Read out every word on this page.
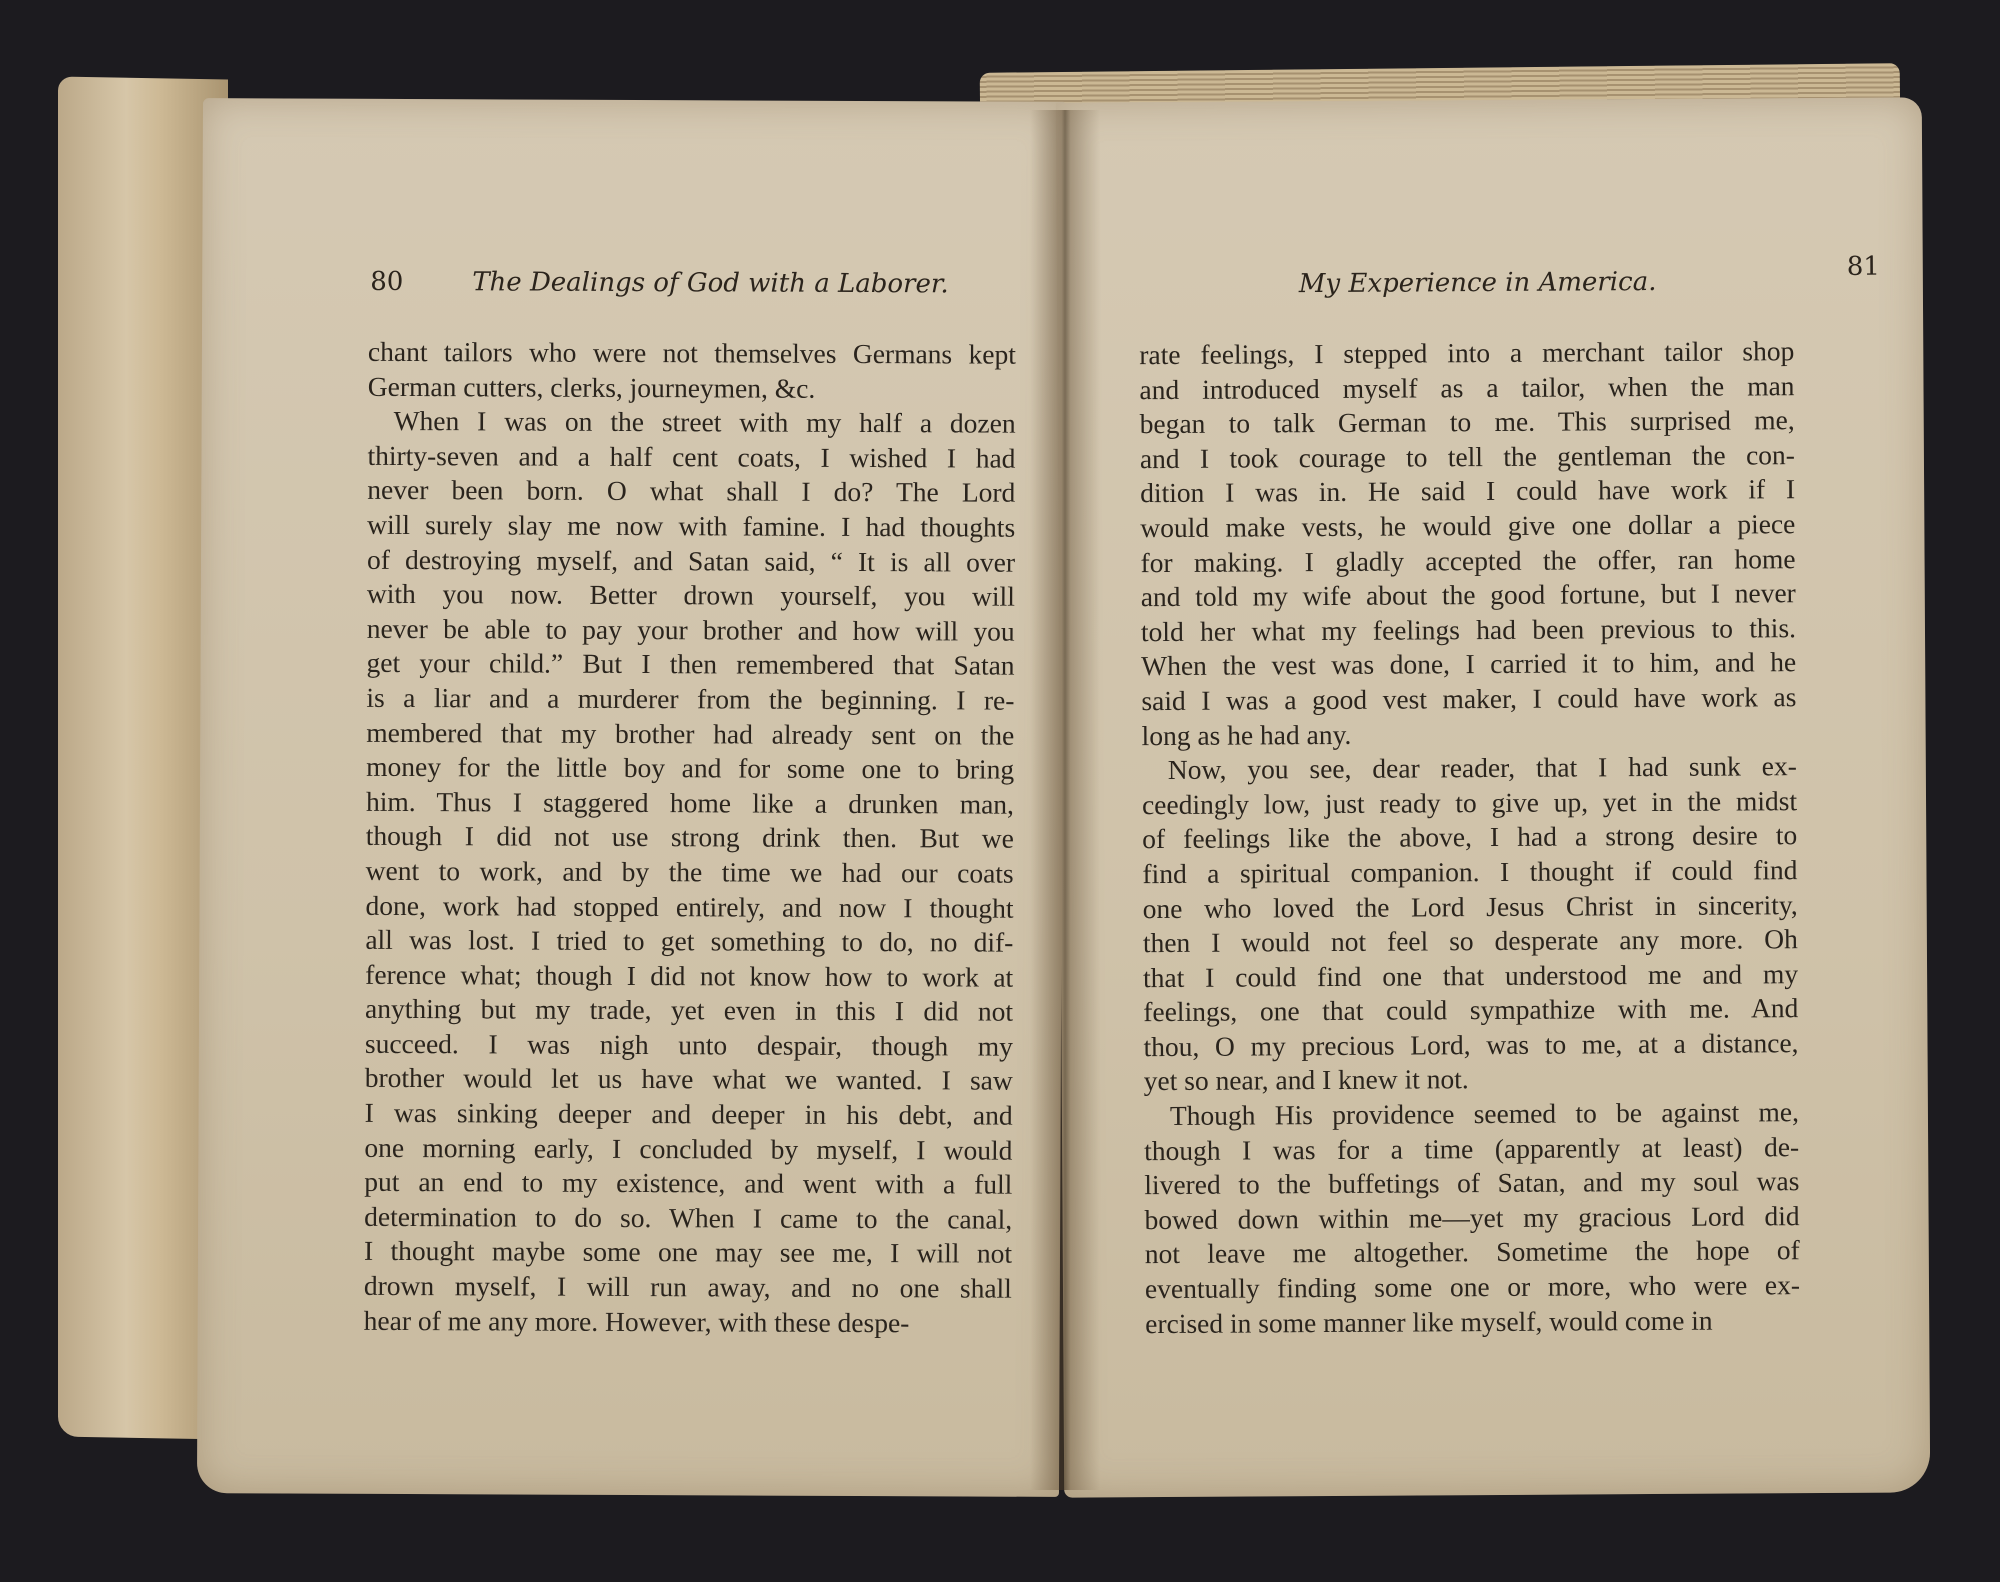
80	The Dealings of God with a Laborer.
chant tailors who were not themselves Germans kept
German cutters, clerks, journeymen, &c.
When I was on the street with my half a dozen
thirty-seven and a half cent coats, I wished I had
never been born. O what shall I do? The Lord
will surely slay me now with famine. I had thoughts
of destroying myself, and Satan said, “ It is all over
with you now. Better drown yourself, you will
never be able to pay your brother and how will you
get your child.” But I then remembered that Satan
is a liar and a murderer from the beginning. I re-
membered that my brother had already sent on the
money for the little boy and for some one to bring
him. Thus I staggered home like a drunken man,
though I did not use strong drink then. But we
went to work, and by the time we had our coats
done, work had stopped entirely, and now I thought
all was lost. I tried to get something to do, no dif-
ference what; though I did not know how to work at
anything but my trade, yet even in this I did not
succeed. I was nigh unto despair, though my
brother would let us have what we wanted. I saw
I was sinking deeper and deeper in his debt, and
one morning early, I concluded by myself, I would
put an end to my existence, and went with a full
determination to do so. When I came to the canal,
I thought maybe some one may see me, I will not
drown myself, I will run away, and no one shall
hear of me any more. However, with these despe-
My Experience in America.
81
rate feelings, I stepped into a merchant tailor shop
and introduced myself as a tailor, when the man
began to talk German to me. This surprised me,
and I took courage to tell the gentleman the con-
dition I was in. He said I could have work if I
would make vests, he would give one dollar a piece
for making. I gladly accepted the offer, ran home
and told my wife about the good fortune, but I never
told her what my feelings had been previous to this.
When the vest was done, I carried it to him, and he
said I was a good vest maker, I could have work as
long as he had any.
Now, you see, dear reader, that I had sunk ex-
ceedingly low, just ready to give up, yet in the midst
of feelings like the above, I had a strong desire to
find a spiritual companion. I thought if could find
one who loved the Lord Jesus Christ in sincerity,
then I would not feel so desperate any more. Oh
that I could find one that understood me and my
feelings, one that could sympathize with me. And
thou, O my precious Lord, was to me, at a distance,
yet so near, and I knew it not.
Though His providence seemed to be against me,
though I was for a time (apparently at least) de-
livered to the buffetings of Satan, and my soul was
bowed down within me—yet my gracious Lord did
not leave me altogether. Sometime the hope of
eventually finding some one or more, who were ex-
ercised in some manner like myself, would come in
